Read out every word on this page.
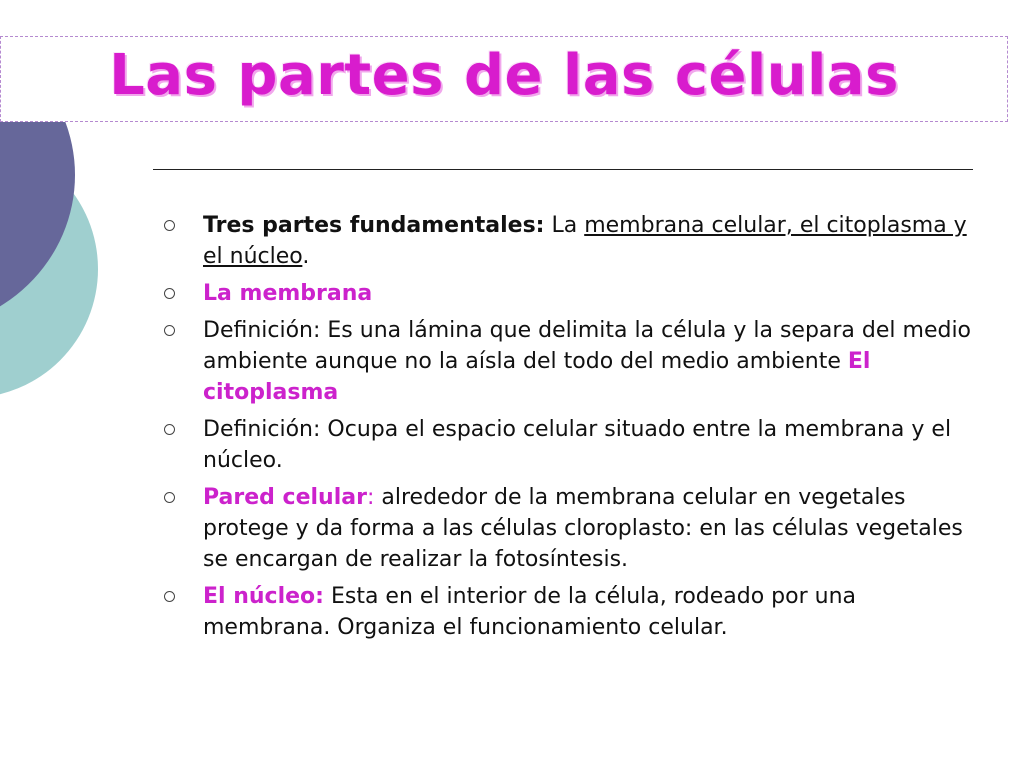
Las partes de las células
Tres partes fundamentales: La membrana celular, el citoplasma y el núcleo.
La membrana
Definición: Es una lámina que delimita la célula y la separa del medio ambiente aunque no la aísla del todo del medio ambiente El citoplasma
Definición: Ocupa el espacio celular situado entre la membrana y el núcleo.
Pared celular: alrededor de la membrana celular en vegetales protege y da forma a las células cloroplasto: en las células vegetales se encargan de realizar la fotosíntesis.
El núcleo: Esta en el interior de la célula, rodeado por una membrana. Organiza el funcionamiento celular.
